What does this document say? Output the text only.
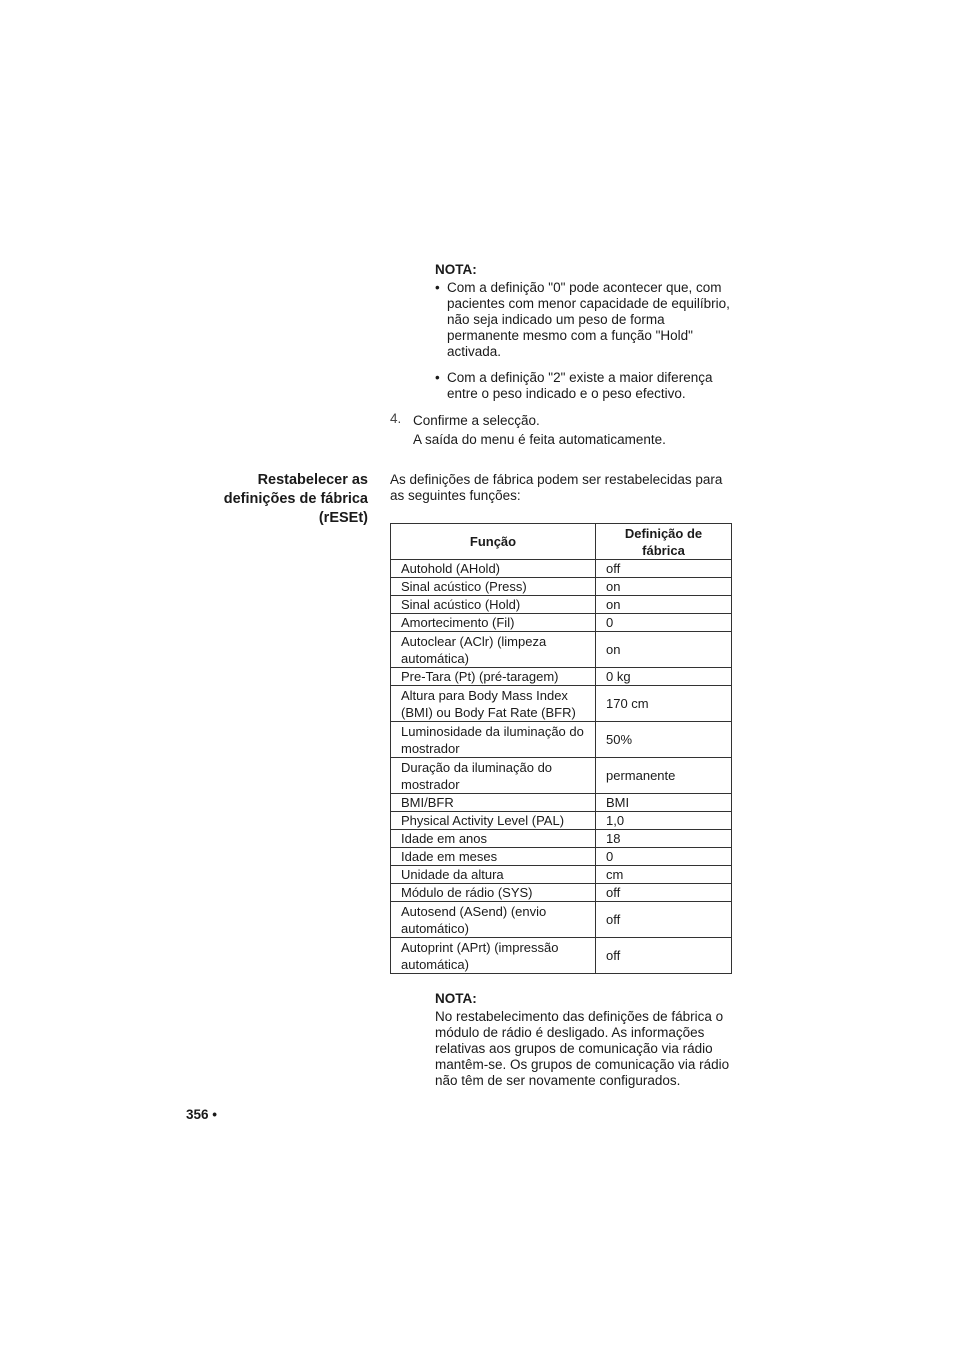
NOTA:
• Com a definição "0" pode acontecer que, com pacientes com menor capacidade de equilíbrio, não seja indicado um peso de forma permanente mesmo com a função "Hold" activada.
• Com a definição "2" existe a maior diferença entre o peso indicado e o peso efectivo.
4. Confirme a selecção.
A saída do menu é feita automaticamente.
Restabelecer as definições de fábrica (rESEt)
As definições de fábrica podem ser restabelecidas para as seguintes funções:
Função	Definição de fábrica
Autohold (AHold)	off
Sinal acústico (Press)	on
Sinal acústico (Hold)	on
Amortecimento (Fil)	0
Autoclear (AClr) (limpeza automática)	on
Pre-Tara (Pt) (pré-taragem)	0 kg
Altura para Body Mass Index (BMI) ou Body Fat Rate (BFR)	170 cm
Luminosidade da iluminação do mostrador	50%
Duração da iluminação do mostrador	permanente
BMI/BFR	BMI
Physical Activity Level (PAL)	1,0
Idade em anos	18
Idade em meses	0
Unidade da altura	cm
Módulo de rádio (SYS)	off
Autosend (ASend) (envio automático)	off
Autoprint (APrt) (impressão automática)	off
NOTA:
No restabelecimento das definições de fábrica o módulo de rádio é desligado. As informações relativas aos grupos de comunicação via rádio mantêm-se. Os grupos de comunicação via rádio não têm de ser novamente configurados.
356 •
